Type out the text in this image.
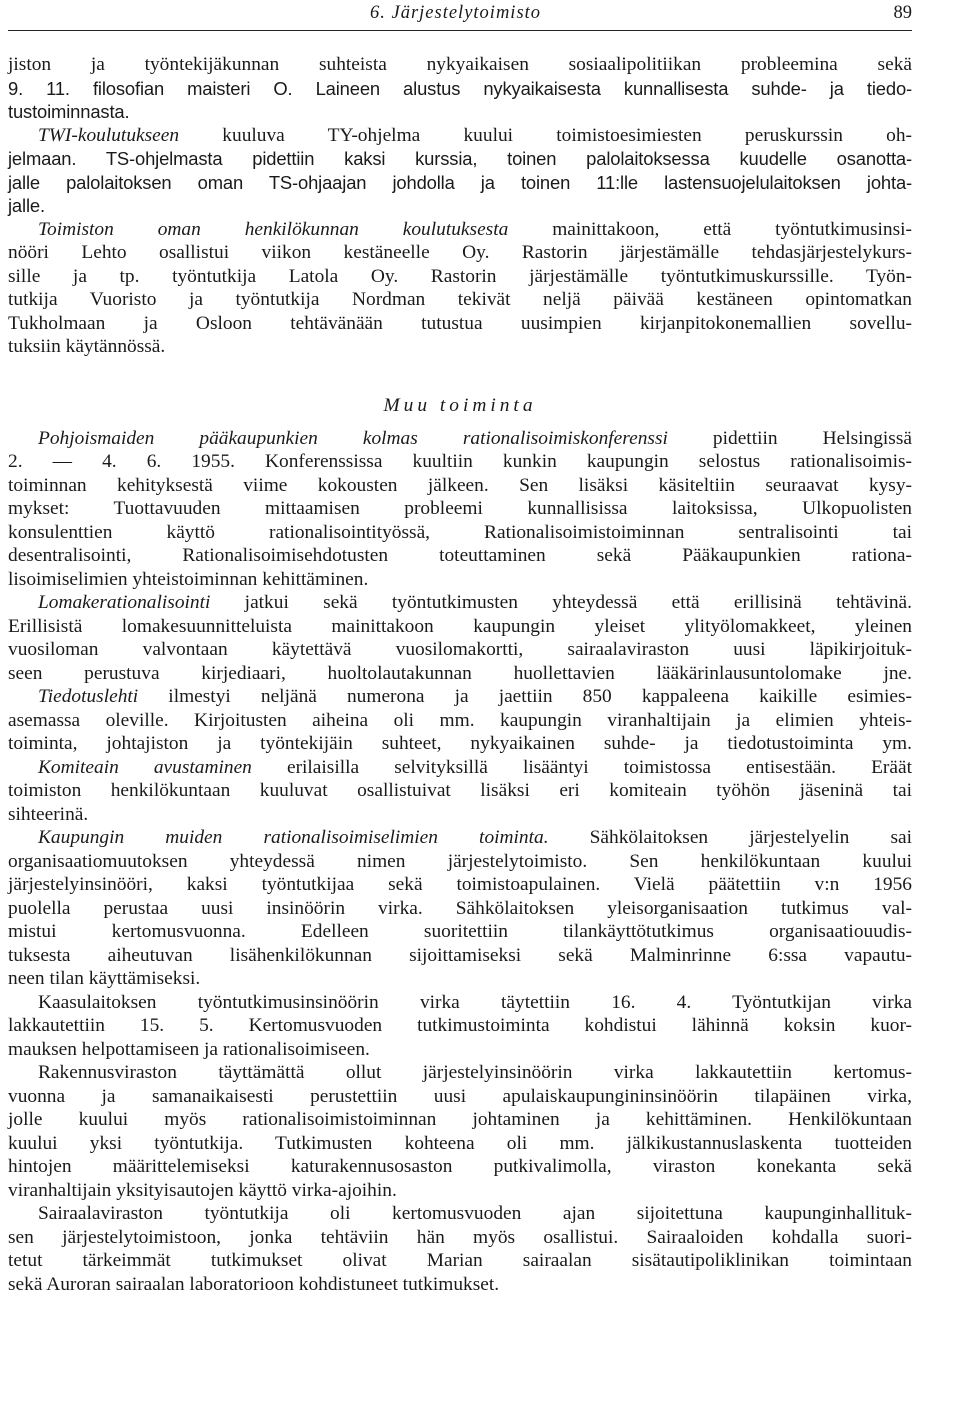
6. Järjestelytoimisto	89
jiston ja työntekijäkunnan suhteista nykyaikaisen sosiaalipolitiikan probleemina sekä
9. 11. filosofian maisteri O. Laineen alustus nykyaikaisesta kunnallisesta suhde- ja tiedo-
tustoiminnasta.
TWI-koulutukseen kuuluva TY-ohjelma kuului toimistoesimiesten peruskurssin oh-
jelmaan. TS-ohjelmasta pidettiin kaksi kurssia, toinen palolaitoksessa kuudelle osanotta-
jalle palolaitoksen oman TS-ohjaajan johdolla ja toinen 11:lle lastensuojelulaitoksen johta-
jalle.
Toimiston oman henkilökunnan koulutuksesta mainittakoon, että työntutkimusinsi-
nööri Lehto osallistui viikon kestäneelle Oy. Rastorin järjestämälle tehdasjärjestelykurs-
sille ja tp. työntutkija Latola Oy. Rastorin järjestämälle työntutkimuskurssille. Työn-
tutkija Vuoristo ja työntutkija Nordman tekivät neljä päivää kestäneen opintomatkan
Tukholmaan ja Osloon tehtävänään tutustua uusimpien kirjanpitokonemallien sovellu-
tuksiin käytännössä.
Muu toiminta
Pohjoismaiden pääkaupunkien kolmas rationalisoimiskonferenssi pidettiin Helsingissä
2. — 4. 6. 1955. Konferenssissa kuultiin kunkin kaupungin selostus rationalisoimis-
toiminnan kehityksestä viime kokousten jälkeen. Sen lisäksi käsiteltiin seuraavat kysy-
mykset: Tuottavuuden mittaamisen probleemi kunnallisissa laitoksissa, Ulkopuolisten
konsulenttien käyttö rationalisointityössä, Rationalisoimistoiminnan sentralisointi tai
desentralisointi, Rationalisoimisehdotusten toteuttaminen sekä Pääkaupunkien rationa-
lisoimiselimien yhteistoiminnan kehittäminen.
Lomakerationalisointi jatkui sekä työntutkimusten yhteydessä että erillisinä tehtävinä.
Erillisistä lomakesuunnitteluista mainittakoon kaupungin yleiset ylityölomakkeet, yleinen
vuosiloman valvontaan käytettävä vuosilomakortti, sairaalaviraston uusi läpikirjoituk-
seen perustuva kirjediaari, huoltolautakunnan huollettavien lääkärinlausuntolomake jne.
Tiedotuslehti ilmestyi neljänä numerona ja jaettiin 850 kappaleena kaikille esimies-
asemassa oleville. Kirjoitusten aiheina oli mm. kaupungin viranhaltijain ja elimien yhteis-
toiminta, johtajiston ja työntekijäin suhteet, nykyaikainen suhde- ja tiedotustoiminta ym.
Komiteain avustaminen erilaisilla selvityksillä lisääntyi toimistossa entisestään. Eräät
toimiston henkilökuntaan kuuluvat osallistuivat lisäksi eri komiteain työhön jäseninä tai
sihteerinä.
Kaupungin muiden rationalisoimiselimien toiminta. Sähkölaitoksen järjestelyelin sai
organisaatiomuutoksen yhteydessä nimen järjestelytoimisto. Sen henkilökuntaan kuului
järjestelyinsinööri, kaksi työntutkijaa sekä toimistoapulainen. Vielä päätettiin v:n 1956
puolella perustaa uusi insinöörin virka. Sähkölaitoksen yleisorganisaation tutkimus val-
mistui kertomusvuonna. Edelleen suoritettiin tilankäyttötutkimus organisaatiouudis-
tuksesta aiheutuvan lisähenkilökunnan sijoittamiseksi sekä Malminrinne 6:ssa vapautu-
neen tilan käyttämiseksi.
Kaasulaitoksen työntutkimusinsinöörin virka täytettiin 16. 4. Työntutkijan virka
lakkautettiin 15. 5. Kertomusvuoden tutkimustoiminta kohdistui lähinnä koksin kuor-
mauksen helpottamiseen ja rationalisoimiseen.
Rakennusviraston täyttämättä ollut järjestelyinsinöörin virka lakkautettiin kertomus-
vuonna ja samanaikaisesti perustettiin uusi apulaiskaupungininsinöörin tilapäinen virka,
jolle kuului myös rationalisoimistoiminnan johtaminen ja kehittäminen. Henkilökuntaan
kuului yksi työntutkija. Tutkimusten kohteena oli mm. jälkikustannuslaskenta tuotteiden
hintojen määrittelemiseksi katurakennusosaston putkivalimolla, viraston konekanta sekä
viranhaltijain yksityisautojen käyttö virka-ajoihin.
Sairaalaviraston työntutkija oli kertomusvuoden ajan sijoitettuna kaupunginhallituk-
sen järjestelytoimistoon, jonka tehtäviin hän myös osallistui. Sairaaloiden kohdalla suori-
tetut tärkeimmät tutkimukset olivat Marian sairaalan sisätautipoliklinikan toimintaan
sekä Auroran sairaalan laboratorioon kohdistuneet tutkimukset.
